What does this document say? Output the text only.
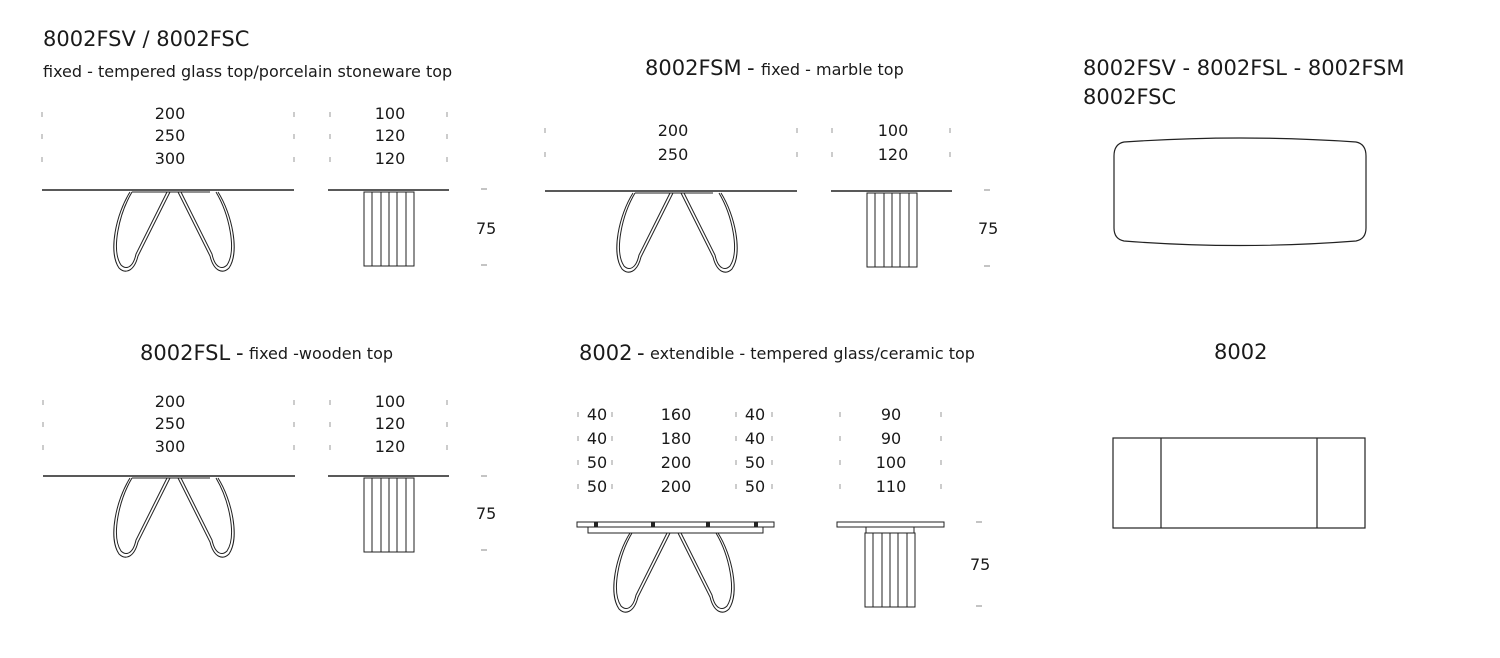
8002FSV / 8002FSC
fixed - tempered glass top/porcelain stoneware top
200
250
300
100
120
120
75
8002FSM - fixed - marble top
200
250
100
120
75
8002FSV - 8002FSL - 8002FSM
8002FSC
8002FSL - fixed -wooden top
200
250
300
100
120
120
75
8002 - extendible - tempered glass/ceramic top
40
40
50
50
160
180
200
200
40
40
50
50
90
90
100
110
75
8002
